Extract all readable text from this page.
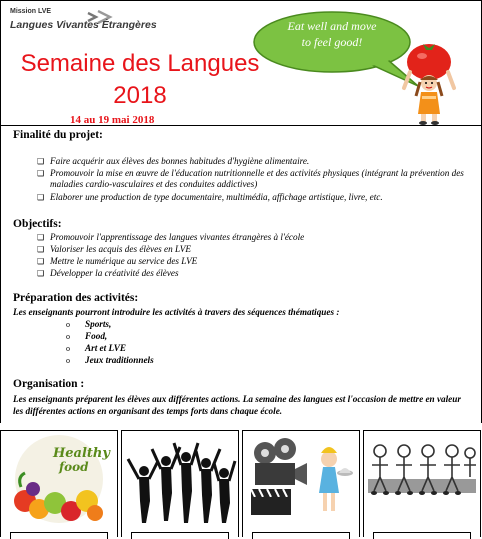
Mission LVE
Langues Vivantes Étrangères
Semaine des Langues
2018
14 au 19 mai 2018
Eat well and move
to feel good!
Finalité du projet:
❑ Faire acquérir aux élèves des bonnes habitudes d'hygiène alimentaire.
❑ Promouvoir la mise en œuvre de l'éducation nutritionnelle et des activités physiques (intégrant la prévention des maladies cardio-vasculaires et des conduites addictives)
❑ Elaborer une production de type documentaire, multimédia, affichage artistique, livre, etc.
Objectifs:
❑ Promouvoir l'apprentissage des langues vivantes étrangères à l'école
❑ Valoriser les acquis des élèves en LVE
❑ Mettre le numérique au service des LVE
❑ Développer la créativité des élèves
Préparation des activités:
Les enseignants pourront introduire les activités à travers des séquences thématiques :
o Sports,
o Food,
o Art et LVE
o Jeux traditionnels
Organisation :
Les enseignants préparent les élèves aux différentes actions. La semaine des langues est l'occasion de mettre en valeur les différentes actions en organisant des temps forts dans chaque école.
Healthy
food
